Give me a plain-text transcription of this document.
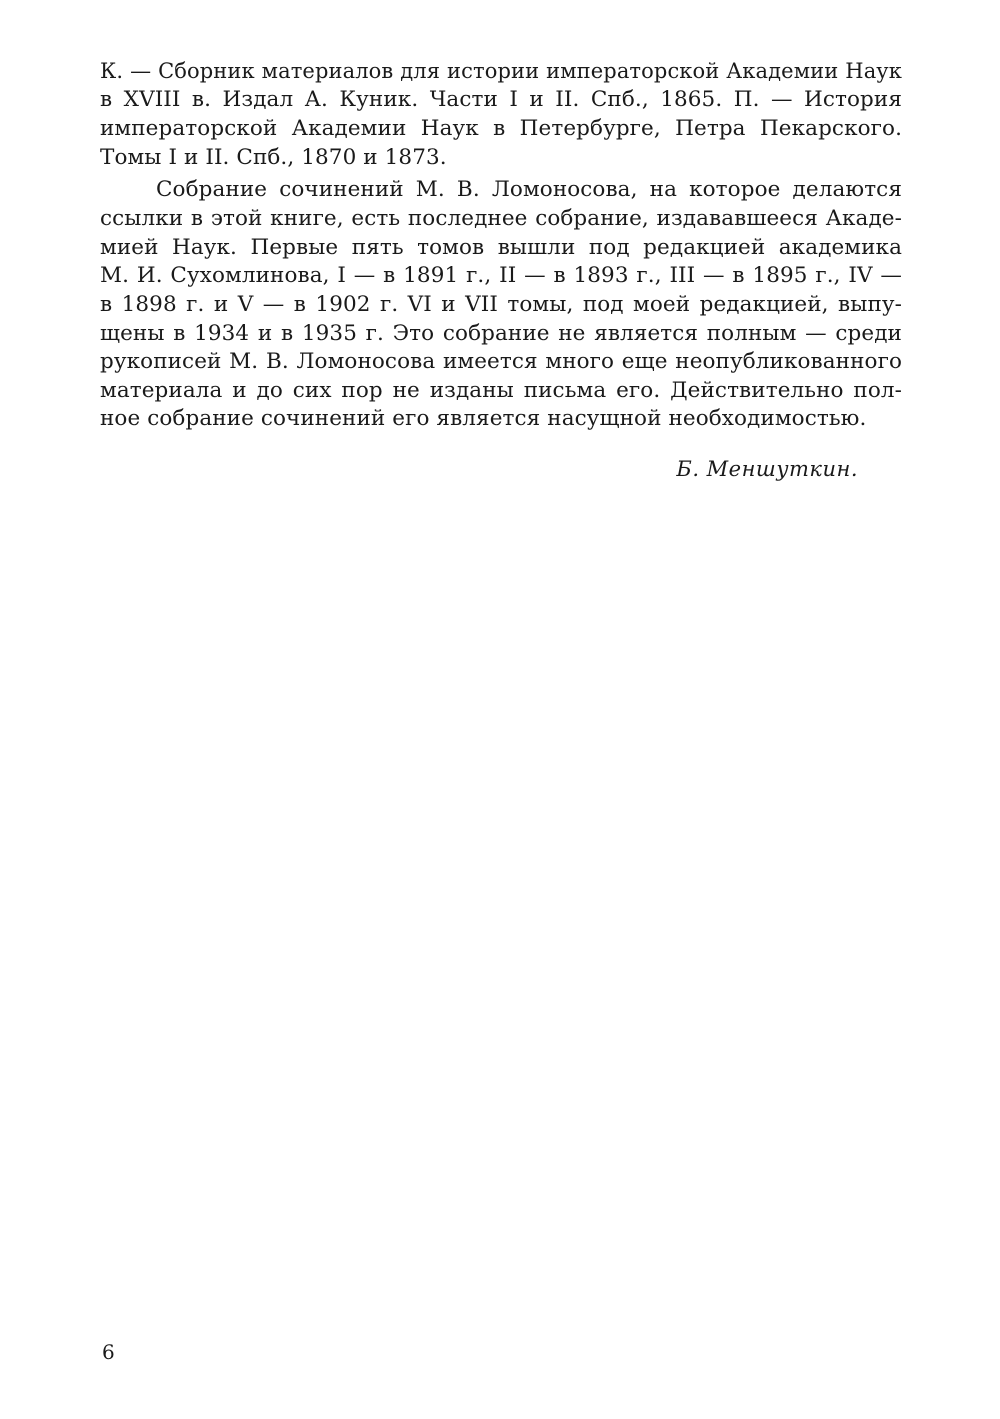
К. — Сборник материалов для истории императорской Академии Наук

в XVIII в. Издал А. Куник. Части I и II. Спб., 1865. П. — История

императорской Академии Наук в Петербурге, Петра Пекарского.

Томы I и II. Спб., 1870 и 1873.

Собрание сочинений М. В. Ломоносова, на которое делаются

ссылки в этой книге, есть последнее собрание, издававшееся Акаде-

мией Наук. Первые пять томов вышли под редакцией академика

М. И. Сухомлинова, I — в 1891 г., II — в 1893 г., III — в 1895 г., IV —

в 1898 г. и V — в 1902 г. VI и VII томы, под моей редакцией, выпу-

щены в 1934 и в 1935 г. Это собрание не является полным — среди

рукописей М. В. Ломоносова имеется много еще неопубликованного

материала и до сих пор не изданы письма его. Действительно пол-

ное собрание сочинений его является насущной необходимостью.

Б. Меншуткин.

6
